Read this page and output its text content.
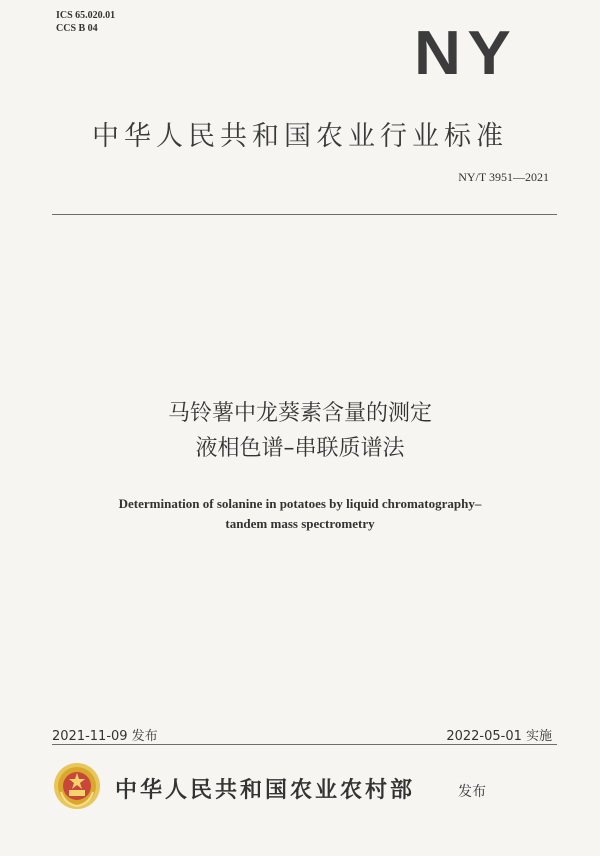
ICS 65.020.01
CCS B 04	NY
中华人民共和国农业行业标准
NY/T 3951—2021
马铃薯中龙葵素含量的测定
液相色谱–串联质谱法
Determination of solanine in potatoes by liquid chromatography–
tandem mass spectrometry
2021-11-09 发布	2022-05-01 实施
中华人民共和国农业农村部	发布
